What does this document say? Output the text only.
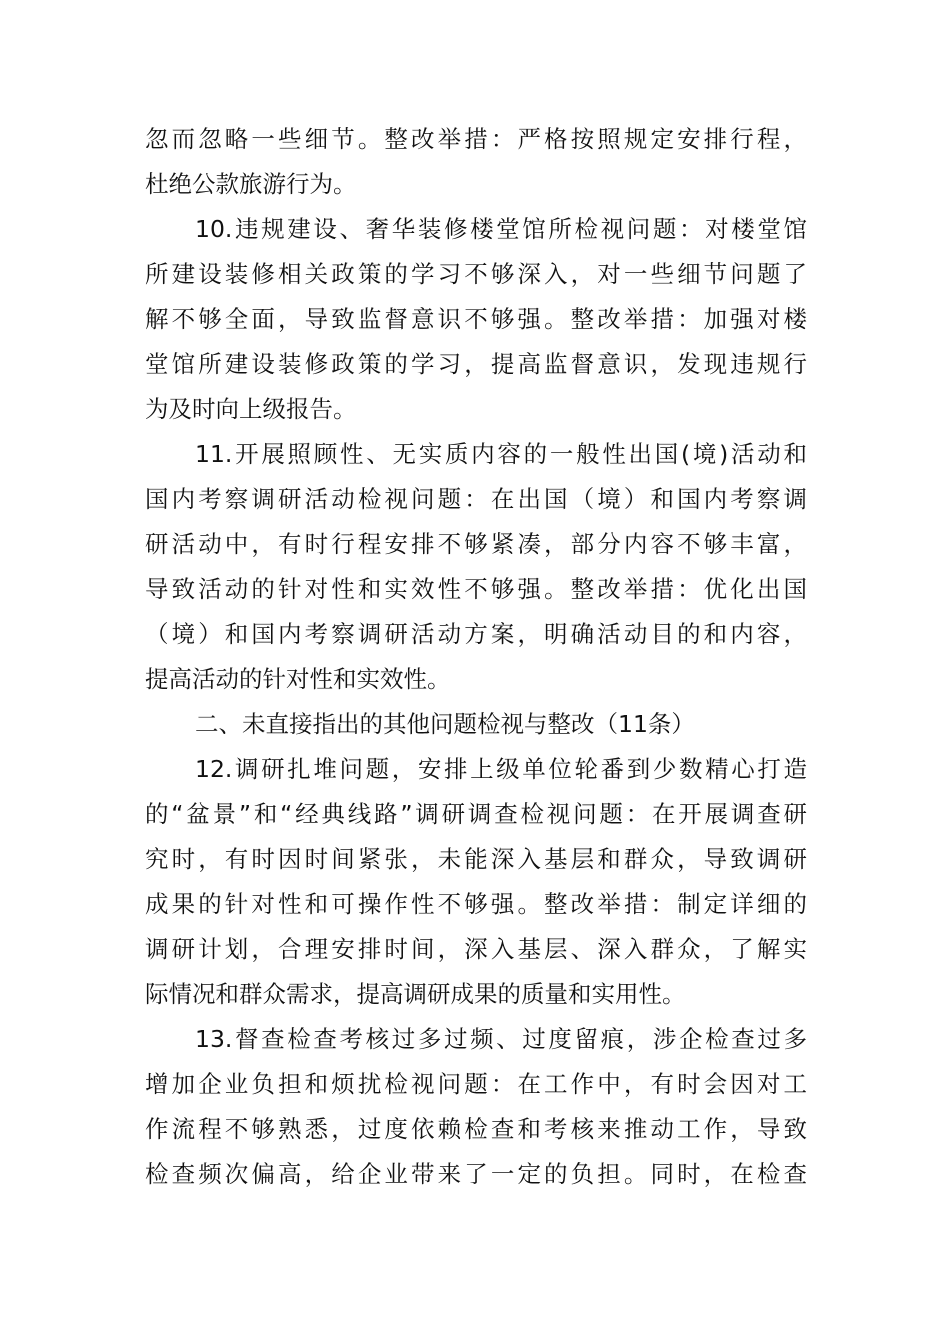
忽而忽略一些细节。整改举措：严格按照规定安排行程，
杜绝公款旅游行为。
10.违规建设、奢华装修楼堂馆所检视问题：对楼堂馆
所建设装修相关政策的学习不够深入，对一些细节问题了
解不够全面，导致监督意识不够强。整改举措：加强对楼
堂馆所建设装修政策的学习，提高监督意识，发现违规行
为及时向上级报告。
11.开展照顾性、无实质内容的一般性出国(境)活动和
国内考察调研活动检视问题：在出国（境）和国内考察调
研活动中，有时行程安排不够紧凑，部分内容不够丰富，
导致活动的针对性和实效性不够强。整改举措：优化出国
（境）和国内考察调研活动方案，明确活动目的和内容，
提高活动的针对性和实效性。
二、未直接指出的其他问题检视与整改（11条）
12.调研扎堆问题，安排上级单位轮番到少数精心打造
的“盆景”和“经典线路”调研调查检视问题：在开展调查研
究时，有时因时间紧张，未能深入基层和群众，导致调研
成果的针对性和可操作性不够强。整改举措：制定详细的
调研计划，合理安排时间，深入基层、深入群众，了解实
际情况和群众需求，提高调研成果的质量和实用性。
13.督查检查考核过多过频、过度留痕，涉企检查过多
增加企业负担和烦扰检视问题：在工作中，有时会因对工
作流程不够熟悉，过度依赖检查和考核来推动工作，导致
检查频次偏高，给企业带来了一定的负担。同时，在检查
